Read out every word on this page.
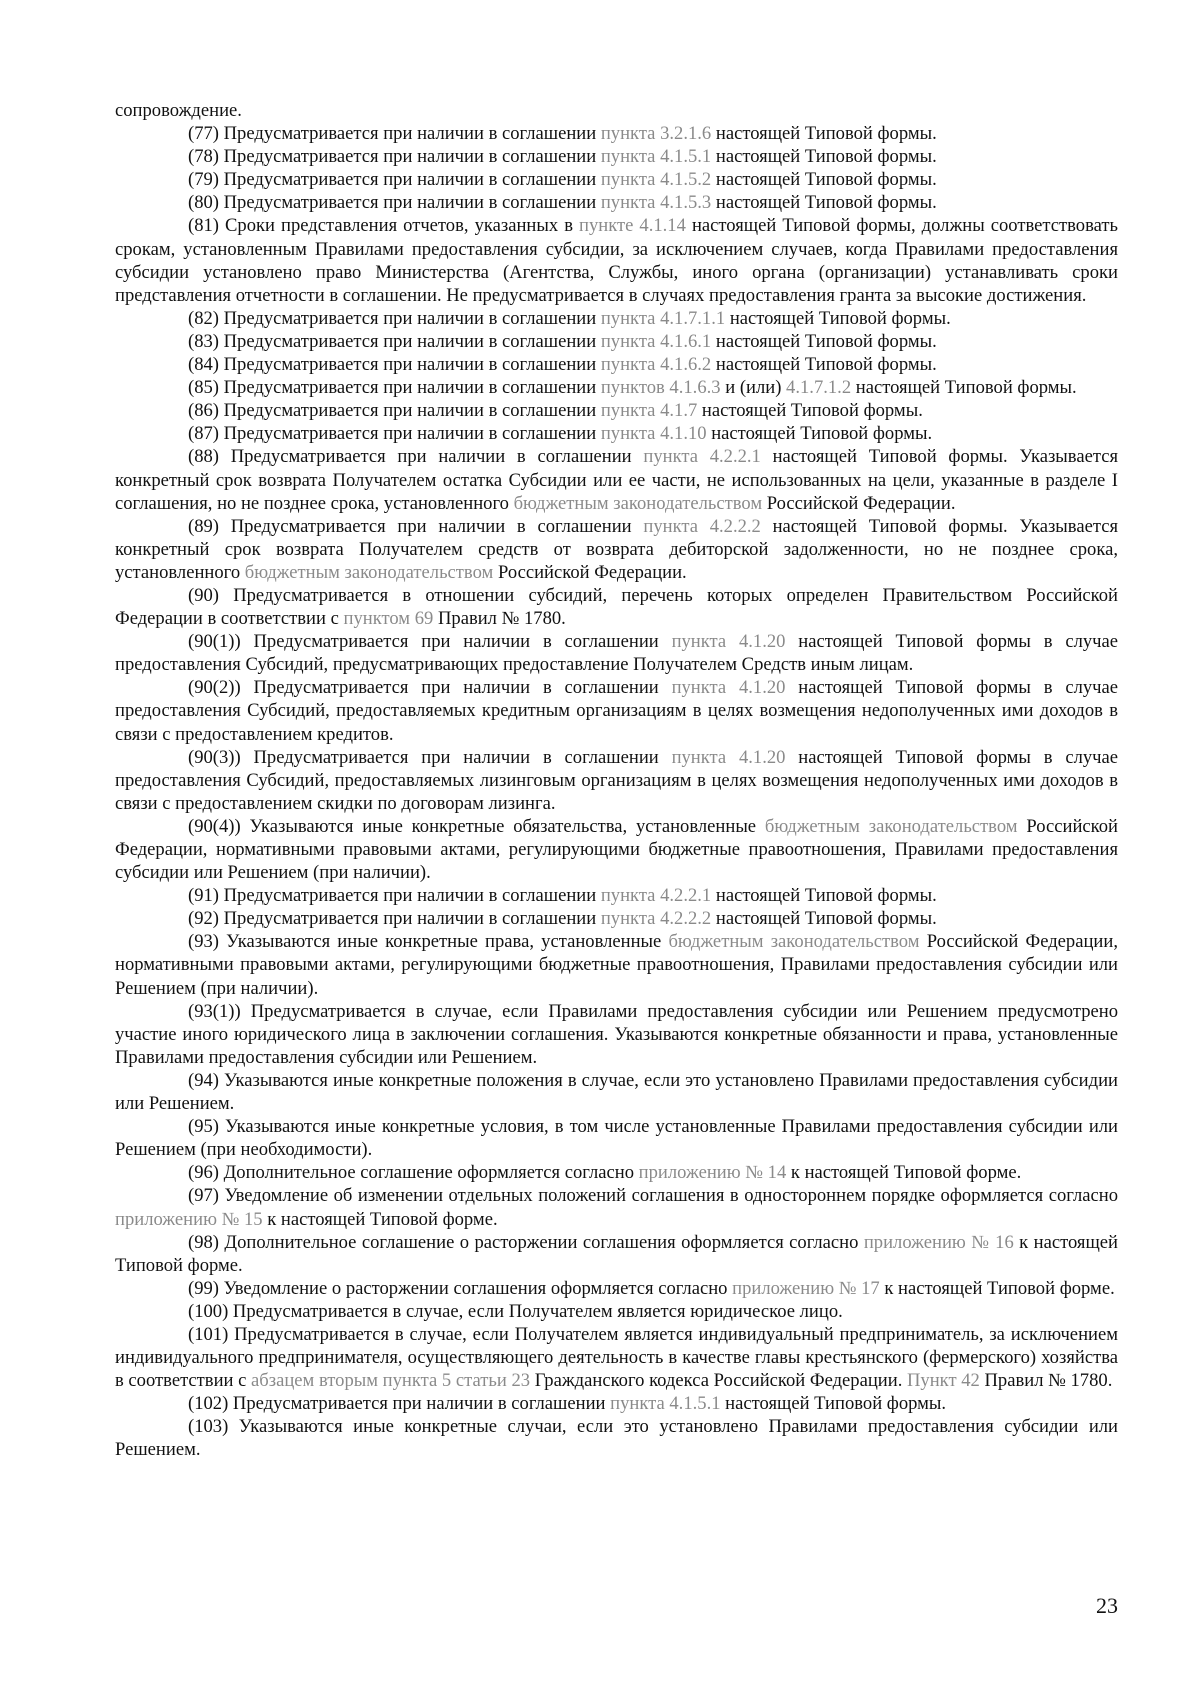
сопровождение.

(77) Предусматривается при наличии в соглашении пункта 3.2.1.6 настоящей Типовой формы.

(78) Предусматривается при наличии в соглашении пункта 4.1.5.1 настоящей Типовой формы.

(79) Предусматривается при наличии в соглашении пункта 4.1.5.2 настоящей Типовой формы.

(80) Предусматривается при наличии в соглашении пункта 4.1.5.3 настоящей Типовой формы.

(81) Сроки представления отчетов, указанных в пункте 4.1.14 настоящей Типовой формы, должны соответствовать срокам, установленным Правилами предоставления субсидии, за исключением случаев, когда Правилами предоставления субсидии установлено право Министерства (Агентства, Службы, иного органа (организации) устанавливать сроки представления отчетности в соглашении. Не предусматривается в случаях предоставления гранта за высокие достижения.

(82) Предусматривается при наличии в соглашении пункта 4.1.7.1.1 настоящей Типовой формы.

(83) Предусматривается при наличии в соглашении пункта 4.1.6.1 настоящей Типовой формы.

(84) Предусматривается при наличии в соглашении пункта 4.1.6.2 настоящей Типовой формы.

(85) Предусматривается при наличии в соглашении пунктов 4.1.6.3 и (или) 4.1.7.1.2 настоящей Типовой формы.

(86) Предусматривается при наличии в соглашении пункта 4.1.7 настоящей Типовой формы.

(87) Предусматривается при наличии в соглашении пункта 4.1.10 настоящей Типовой формы.

(88) Предусматривается при наличии в соглашении пункта 4.2.2.1 настоящей Типовой формы. Указывается конкретный срок возврата Получателем остатка Субсидии или ее части, не использованных на цели, указанные в разделе I соглашения, но не позднее срока, установленного бюджетным законодательством Российской Федерации.

(89) Предусматривается при наличии в соглашении пункта 4.2.2.2 настоящей Типовой формы. Указывается конкретный срок возврата Получателем средств от возврата дебиторской задолженности, но не позднее срока, установленного бюджетным законодательством Российской Федерации.

(90) Предусматривается в отношении субсидий, перечень которых определен Правительством Российской Федерации в соответствии с пунктом 69 Правил № 1780.

(90(1)) Предусматривается при наличии в соглашении пункта 4.1.20 настоящей Типовой формы в случае предоставления Субсидий, предусматривающих предоставление Получателем Средств иным лицам.

(90(2)) Предусматривается при наличии в соглашении пункта 4.1.20 настоящей Типовой формы в случае предоставления Субсидий, предоставляемых кредитным организациям в целях возмещения недополученных ими доходов в связи с предоставлением кредитов.

(90(3)) Предусматривается при наличии в соглашении пункта 4.1.20 настоящей Типовой формы в случае предоставления Субсидий, предоставляемых лизинговым организациям в целях возмещения недополученных ими доходов в связи с предоставлением скидки по договорам лизинга.

(90(4)) Указываются иные конкретные обязательства, установленные бюджетным законодательством Российской Федерации, нормативными правовыми актами, регулирующими бюджетные правоотношения, Правилами предоставления субсидии или Решением (при наличии).

(91) Предусматривается при наличии в соглашении пункта 4.2.2.1 настоящей Типовой формы.

(92) Предусматривается при наличии в соглашении пункта 4.2.2.2 настоящей Типовой формы.

(93) Указываются иные конкретные права, установленные бюджетным законодательством Российской Федерации, нормативными правовыми актами, регулирующими бюджетные правоотношения, Правилами предоставления субсидии или Решением (при наличии).

(93(1)) Предусматривается в случае, если Правилами предоставления субсидии или Решением предусмотрено участие иного юридического лица в заключении соглашения. Указываются конкретные обязанности и права, установленные Правилами предоставления субсидии или Решением.

(94) Указываются иные конкретные положения в случае, если это установлено Правилами предоставления субсидии или Решением.

(95) Указываются иные конкретные условия, в том числе установленные Правилами предоставления субсидии или Решением (при необходимости).

(96) Дополнительное соглашение оформляется согласно приложению № 14 к настоящей Типовой форме.

(97) Уведомление об изменении отдельных положений соглашения в одностороннем порядке оформляется согласно приложению № 15 к настоящей Типовой форме.

(98) Дополнительное соглашение о расторжении соглашения оформляется согласно приложению № 16 к настоящей Типовой форме.

(99) Уведомление о расторжении соглашения оформляется согласно приложению № 17 к настоящей Типовой форме.

(100) Предусматривается в случае, если Получателем является юридическое лицо.

(101) Предусматривается в случае, если Получателем является индивидуальный предприниматель, за исключением индивидуального предпринимателя, осуществляющего деятельность в качестве главы крестьянского (фермерского) хозяйства в соответствии с абзацем вторым пункта 5 статьи 23 Гражданского кодекса Российской Федерации. Пункт 42 Правил № 1780.

(102) Предусматривается при наличии в соглашении пункта 4.1.5.1 настоящей Типовой формы.

(103) Указываются иные конкретные случаи, если это установлено Правилами предоставления субсидии или Решением.

23
